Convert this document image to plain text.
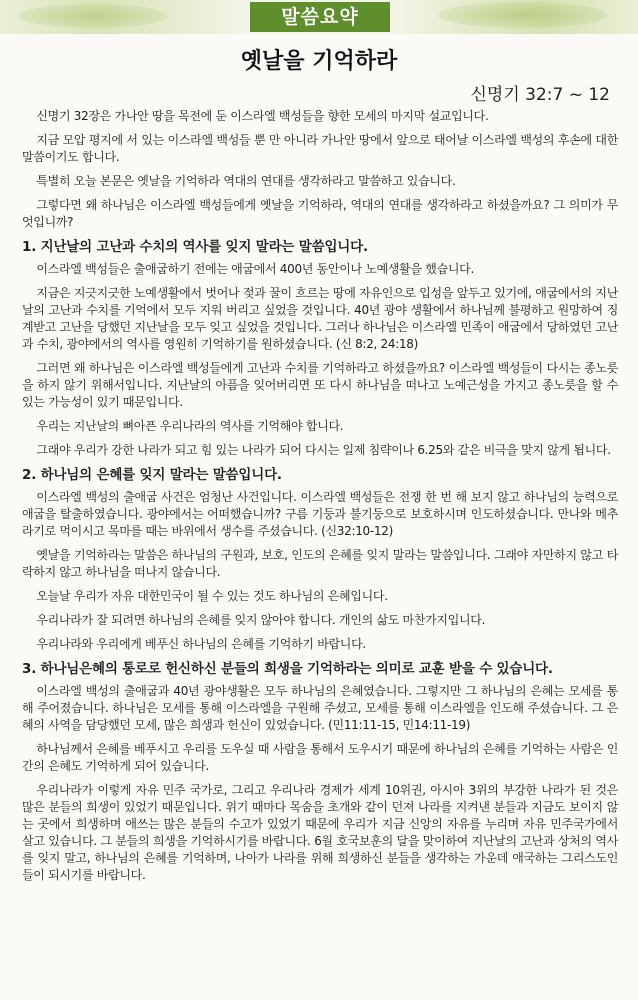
말씀요약
옛날을 기억하라
신명기 32:7 ~ 12
신명기 32장은 가나안 땅을 목전에 둔 이스라엘 백성들을 향한 모세의 마지막 설교입니다.
지금 모압 평지에 서 있는 이스라엘 백성들 뿐 만 아니라 가나안 땅에서 앞으로 태어날 이스라엘 백성의 후손에 대한 말씀이기도 합니다.
특별히 오늘 본문은 옛날을 기억하라 역대의 연대를 생각하라고 말씀하고 있습니다.
그렇다면 왜 하나님은 이스라엘 백성들에게 옛날을 기억하라, 역대의 연대를 생각하라고 하셨을까요? 그 의미가 무엇입니까?
1. 지난날의 고난과 수치의 역사를 잊지 말라는 말씀입니다.
이스라엘 백성들은 출애굽하기 전에는 애굽에서 400년 동안이나 노예생활을 했습니다.
지금은 지긋지긋한 노예생활에서 벗어나 젖과 꿀이 흐르는 땅에 자유인으로 입성을 앞두고 있기에, 애굽에서의 지난날의 고난과 수치를 기억에서 모두 지워 버리고 싶었을 것입니다. 40년 광야 생활에서 하나님께 불평하고 원망하여 징계받고 고난을 당했던 지난날을 모두 잊고 싶었을 것입니다. 그러나 하나님은 이스라엘 민족이 애굽에서 당하였던 고난과 수치, 광야에서의 역사를 영원히 기억하기를 원하셨습니다. (신 8:2, 24:18)
그러면 왜 하나님은 이스라엘 백성들에게 고난과 수치를 기억하라고 하셨을까요? 이스라엘 백성들이 다시는 종노릇을 하지 않기 위해서입니다. 지난날의 아픔을 잊어버리면 또 다시 하나님을 떠나고 노예근성을 가지고 종노릇을 할 수 있는 가능성이 있기 때문입니다.
우리는 지난날의 뼈아픈 우리나라의 역사를 기억해야 합니다.
그래야 우리가 강한 나라가 되고 힘 있는 나라가 되어 다시는 일제 침략이나 6.25와 같은 비극을 맞지 않게 됩니다.
2. 하나님의 은혜를 잊지 말라는 말씀입니다.
이스라엘 백성의 출애굽 사건은 엄청난 사건입니다. 이스라엘 백성들은 전쟁 한 번 해 보지 않고 하나님의 능력으로 애굽을 탈출하였습니다. 광야에서는 어떠했습니까? 구름 기둥과 불기둥으로 보호하시며 인도하셨습니다. 만나와 메추라기로 먹이시고 목마를 때는 바위에서 생수를 주셨습니다. (신32:10-12)
옛날을 기억하라는 말씀은 하나님의 구원과, 보호, 인도의 은혜를 잊지 말라는 말씀입니다. 그래야 자만하지 않고 타락하지 않고 하나님을 떠나지 않습니다.
오늘날 우리가 자유 대한민국이 될 수 있는 것도 하나님의 은혜입니다.
우리나라가 잘 되려면 하나님의 은혜를 잊지 않아야 합니다. 개인의 삶도 마찬가지입니다.
우리나라와 우리에게 베푸신 하나님의 은혜를 기억하기 바랍니다.
3. 하나님은혜의 통로로 헌신하신 분들의 희생을 기억하라는 의미로 교훈 받을 수 있습니다.
이스라엘 백성의 출애굽과 40년 광야생활은 모두 하나님의 은혜였습니다. 그렇지만 그 하나님의 은혜는 모세를 통해 주어졌습니다. 하나님은 모세를 통해 이스라엘을 구원해 주셨고, 모세를 통해 이스라엘을 인도해 주셨습니다. 그 은혜의 사역을 담당했던 모세, 많은 희생과 헌신이 있었습니다. (민11:11-15, 민14:11-19)
하나님께서 은혜를 베푸시고 우리를 도우실 때 사람을 통해서 도우시기 때문에 하나님의 은혜를 기억하는 사람은 인간의 은혜도 기억하게 되어 있습니다.
우리나라가 이렇게 자유 민주 국가로, 그리고 우리나라 경제가 세계 10위권, 아시아 3위의 부강한 나라가 된 것은 많은 분들의 희생이 있었기 때문입니다. 위기 때마다 목숨을 초개와 같이 던져 나라를 지켜낸 분들과 지금도 보이지 않는 곳에서 희생하며 애쓰는 많은 분들의 수고가 있었기 때문에 우리가 지금 신앙의 자유를 누리며 자유 민주국가에서 살고 있습니다. 그 분들의 희생을 기억하시기를 바랍니다. 6월 호국보훈의 달을 맞이하여 지난날의 고난과 상처의 역사를 잊지 말고, 하나님의 은혜를 기억하며, 나아가 나라를 위해 희생하신 분들을 생각하는 가운데 애국하는 그리스도인들이 되시기를 바랍니다.
